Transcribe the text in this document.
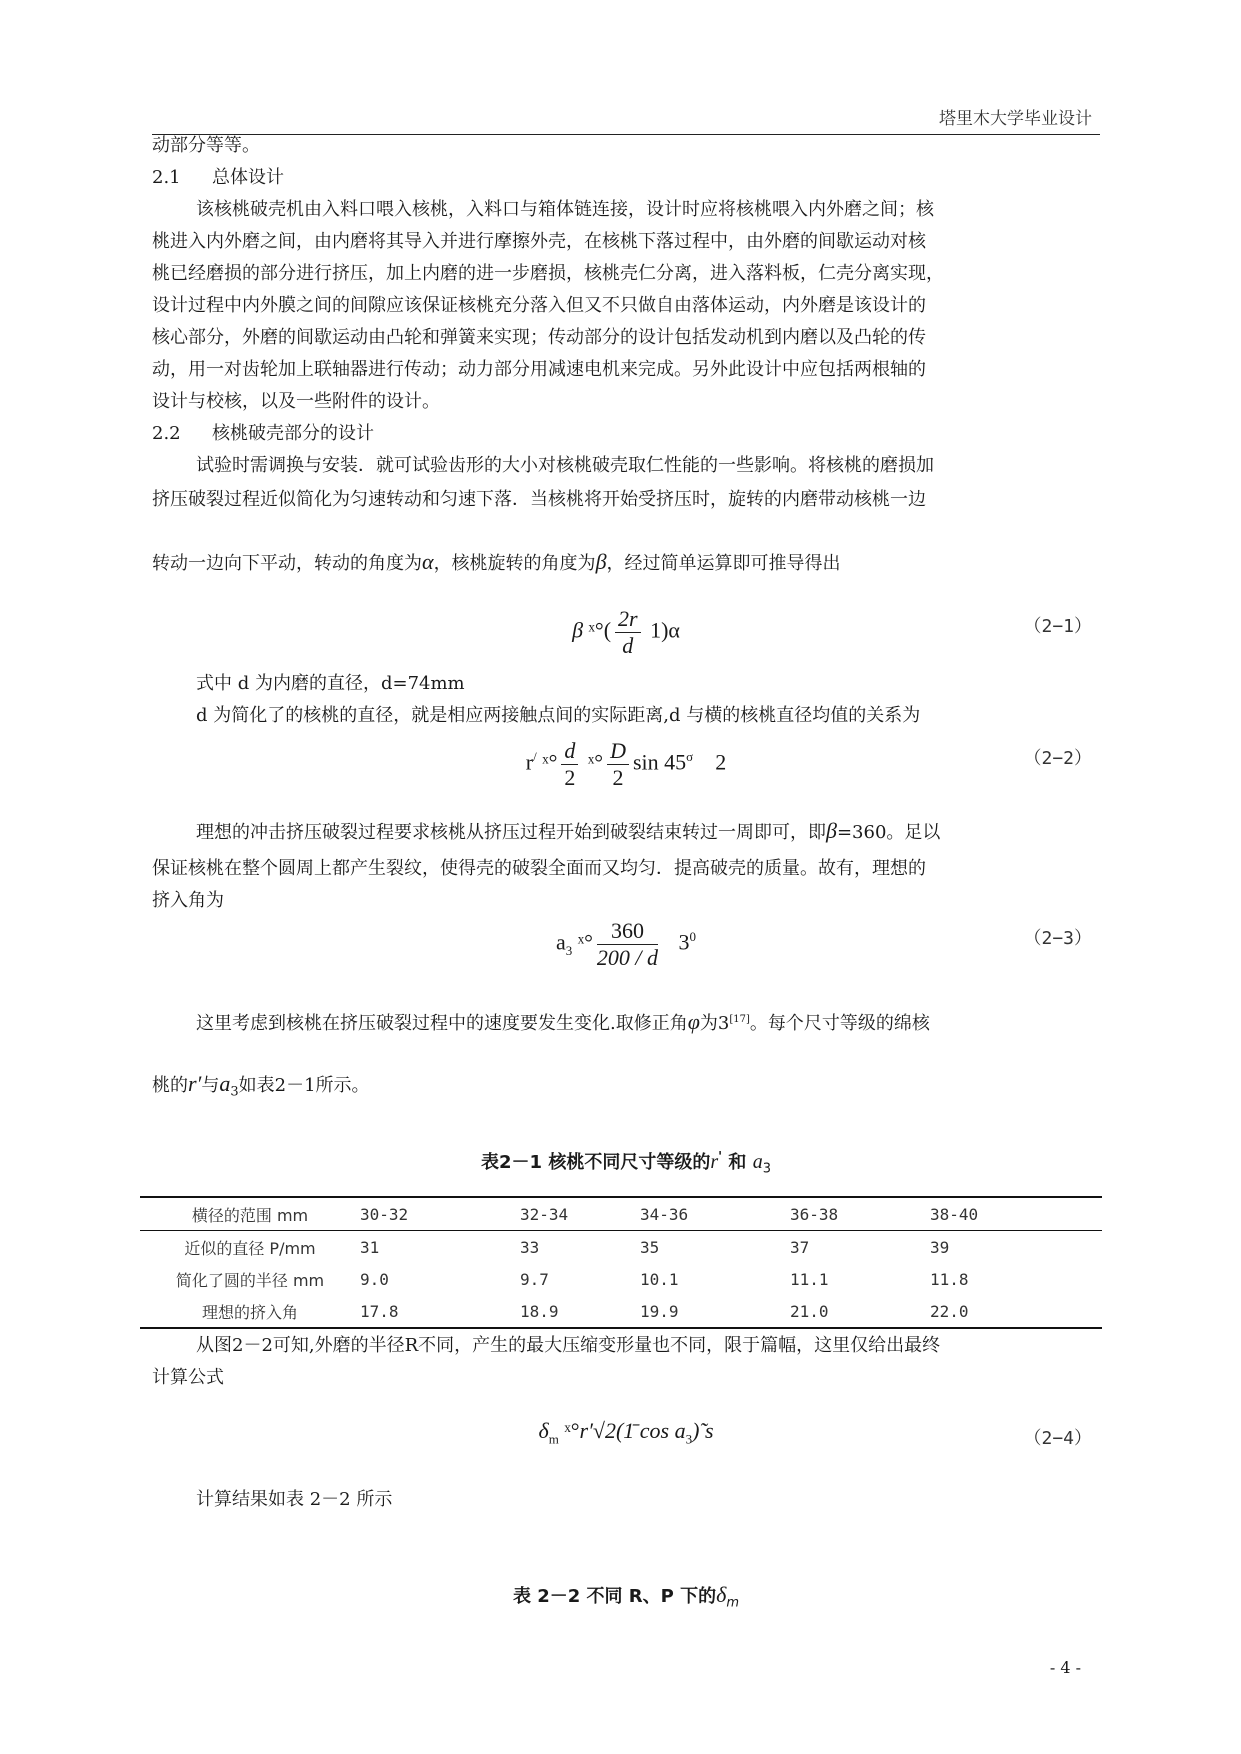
塔里木大学毕业设计
动部分等等。
2.1 总体设计
该核桃破壳机由入料口喂入核桃，入料口与箱体链连接，设计时应将核桃喂入内外磨之间；核
桃进入内外磨之间，由内磨将其导入并进行摩擦外壳，在核桃下落过程中，由外磨的间歇运动对核
桃已经磨损的部分进行挤压，加上内磨的进一步磨损，核桃壳仁分离，进入落料板，仁壳分离实现，
设计过程中内外膜之间的间隙应该保证核桃充分落入但又不只做自由落体运动，内外磨是该设计的
核心部分，外磨的间歇运动由凸轮和弹簧来实现；传动部分的设计包括发动机到内磨以及凸轮的传
动，用一对齿轮加上联轴器进行传动；动力部分用减速电机来完成。另外此设计中应包括两根轴的
设计与校核，以及一些附件的设计。
2.2 核桃破壳部分的设计
试验时需调换与安装．就可试验齿形的大小对核桃破壳取仁性能的一些影响。将核桃的磨损加
挤压破裂过程近似简化为匀速转动和匀速下落．当核桃将开始受挤压时，旋转的内磨带动核桃一边
转动一边向下平动，转动的角度为α，核桃旋转的角度为β，经过简单运算即可推导得出
β ˣ°( $\frac{2r}{d} 1)\alpha$	（2−1）
式中 d 为内磨的直径，d=74mm
d 为简化了的核桃的直径，就是相应两接触点间的实际距离,d 与横的核桃直径均值的关系为
r/ ˣ° $\frac{d}{2}$ ˣ° $\frac{D}{2}$ $\sin 45^\sigma$ 2	（2−2）
理想的冲击挤压破裂过程要求核桃从挤压过程开始到破裂结束转过一周即可，即β=360。足以
保证核桃在整个圆周上都产生裂纹，使得壳的破裂全面而又均匀．提高破壳的质量。故有，理想的
挤入角为
$a_3$ ˣ° $\frac{360}{200 / d} 3^0$	（2−3）
这里考虑到核桃在挤压破裂过程中的速度要发生变化.取修正角φ为3[17]。每个尺寸等级的绵核
桃的r′与$a_3$如表2－1所示。
表2－1 核桃不同尺寸等级的r' 和 $a_3$
横径的范围 mm	30-32	32-34	34-36	36-38	38-40
近似的直径 P/mm	31	33	35	37	39
简化了圆的半径 mm	9.0	9.7	10.1	11.1	11.8
理想的挤入角	17.8	18.9	19.9	21.0	22.0
从图2－2可知,外磨的半径R不同，产生的最大压缩变形量也不同，限于篇幅，这里仅给出最终
计算公式
$\delta_m$ ˣ°r′√2(1̄ $\cos a_3)̃$ s	（2−4）
计算结果如表 2－2 所示
表 2－2 不同 R、P 下的$\delta_m$
- 4 -
